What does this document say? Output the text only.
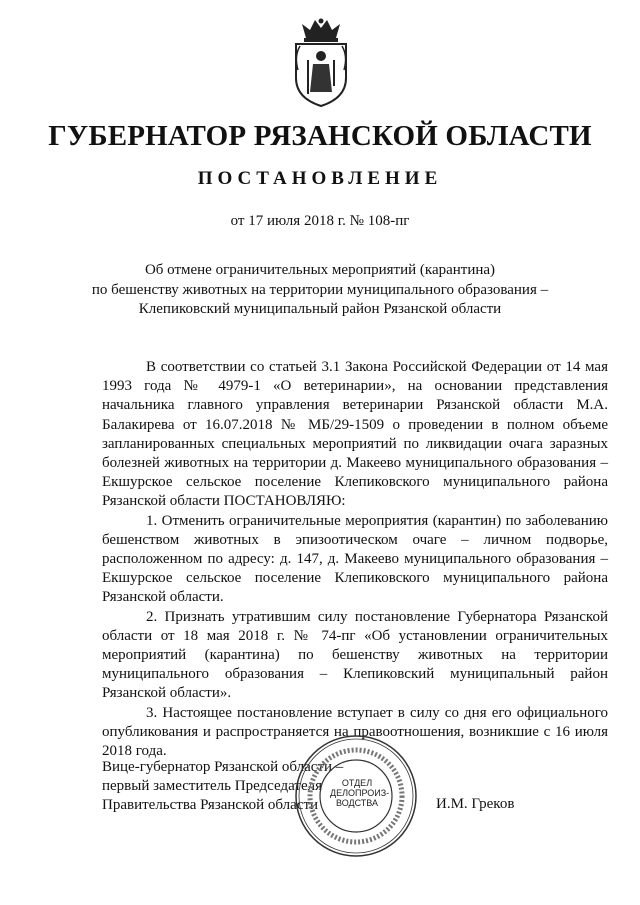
ГУБЕРНАТОР РЯЗАНСКОЙ ОБЛАСТИ
ПОСТАНОВЛЕНИЕ
от 17 июля 2018 г. № 108-пг
Об отмене ограничительных мероприятий (карантина)
по бешенству животных на территории муниципального образования –
Клепиковский муниципальный район Рязанской области

В соответствии со статьей 3.1 Закона Российской Федерации от 14 мая 1993 года № 4979-1 «О ветеринарии», на основании представления начальника главного управления ветеринарии Рязанской области М.А. Балакирева от 16.07.2018 № МБ/29-1509 о проведении в полном объеме запланированных специальных мероприятий по ликвидации очага заразных болезней животных на территории д. Макеево муниципального образования – Екшурское сельское поселение Клепиковского муниципального района Рязанской области ПОСТАНОВЛЯЮ:

1. Отменить ограничительные мероприятия (карантин) по заболеванию бешенством животных в эпизоотическом очаге – личном подворье, расположенном по адресу: д. 147, д. Макеево муниципального образования – Екшурское сельское поселение Клепиковского муниципального района Рязанской области.

2. Признать утратившим силу постановление Губернатора Рязанской области от 18 мая 2018 г. № 74-пг «Об установлении ограничительных мероприятий (карантина) по бешенству животных на территории муниципального образования – Клепиковский муниципальный район Рязанской области».

3. Настоящее постановление вступает в силу со дня его официального опубликования и распространяется на правоотношения, возникшие с 16 июля 2018 года.

Вице-губернатор Рязанской области –
первый заместитель Председателя
Правительства Рязанской области
ОТДЕЛ
ДЕЛОПРОИЗ-
ВОДСТВА	И.М. Греков
